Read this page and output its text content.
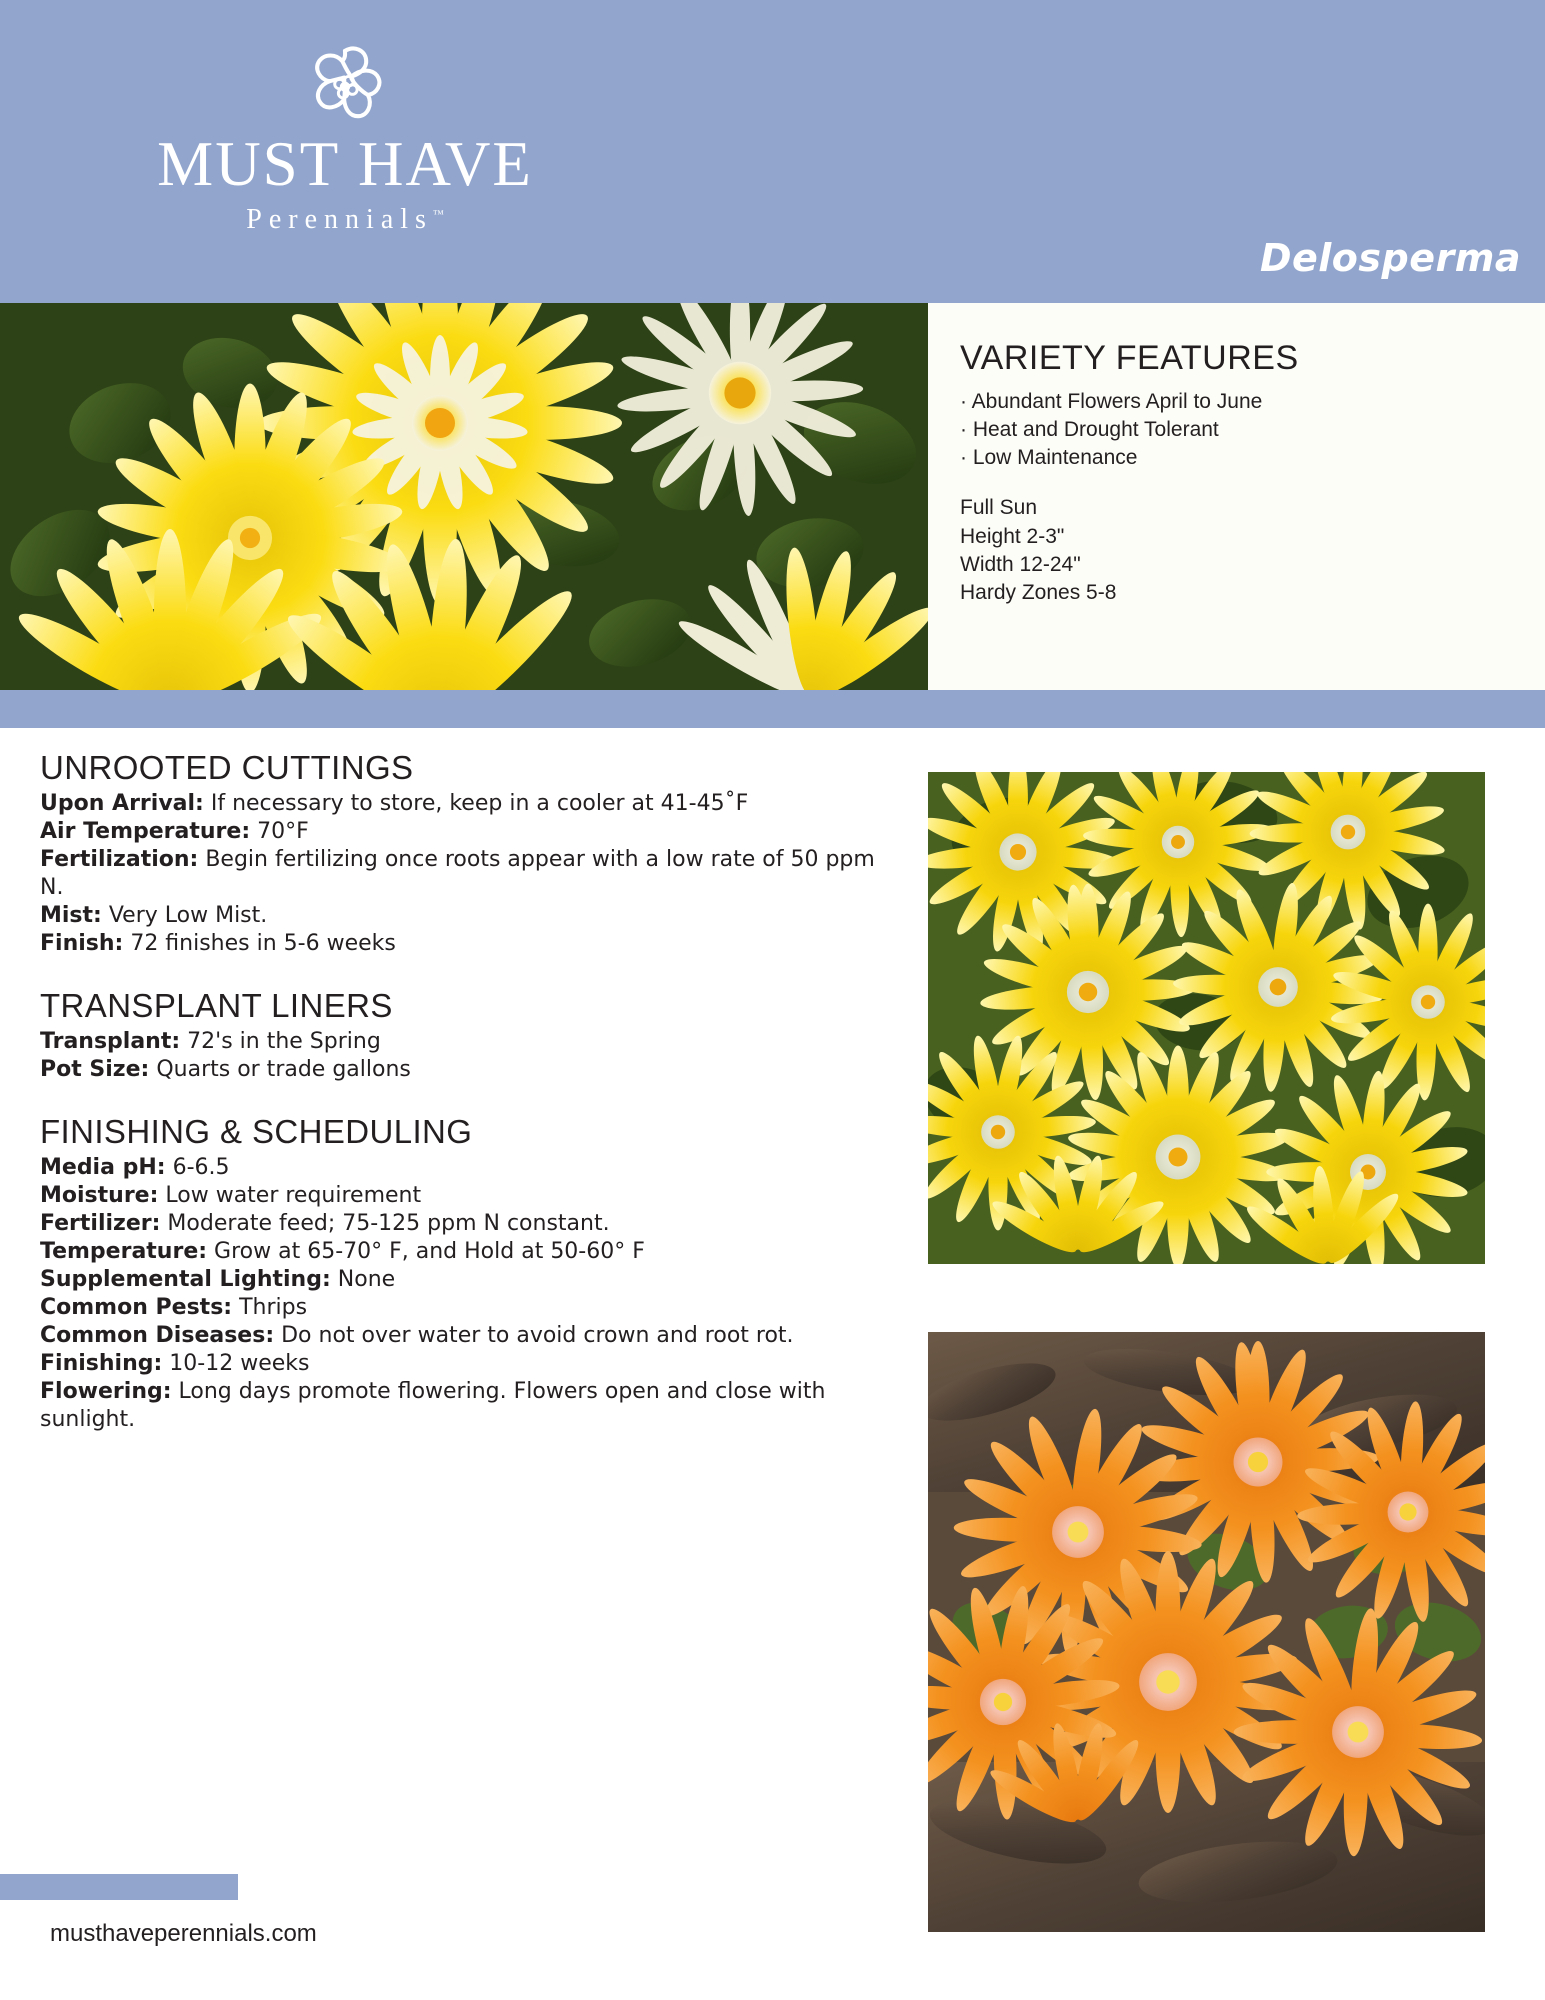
MUST HAVE
Perennials™
Delosperma
VARIETY FEATURES
· Abundant Flowers April to June
· Heat and Drought Tolerant
· Low Maintenance
Full Sun
Height 2-3"
Width 12-24"
Hardy Zones 5-8
UNROOTED CUTTINGS
Upon Arrival: If necessary to store, keep in a cooler at 41-45˚F
Air Temperature: 70°F
Fertilization: Begin fertilizing once roots appear with a low rate of 50 ppm N.
Mist: Very Low Mist.
Finish: 72 finishes in 5-6 weeks
TRANSPLANT LINERS
Transplant: 72's in the Spring
Pot Size: Quarts or trade gallons
FINISHING & SCHEDULING
Media pH: 6-6.5
Moisture: Low water requirement
Fertilizer: Moderate feed; 75-125 ppm N constant.
Temperature: Grow at 65-70° F, and Hold at 50-60° F
Supplemental Lighting: None
Common Pests: Thrips
Common Diseases: Do not over water to avoid crown and root rot.
Finishing: 10-12 weeks
Flowering: Long days promote flowering. Flowers open and close with sunlight.
musthaveperennials.com
